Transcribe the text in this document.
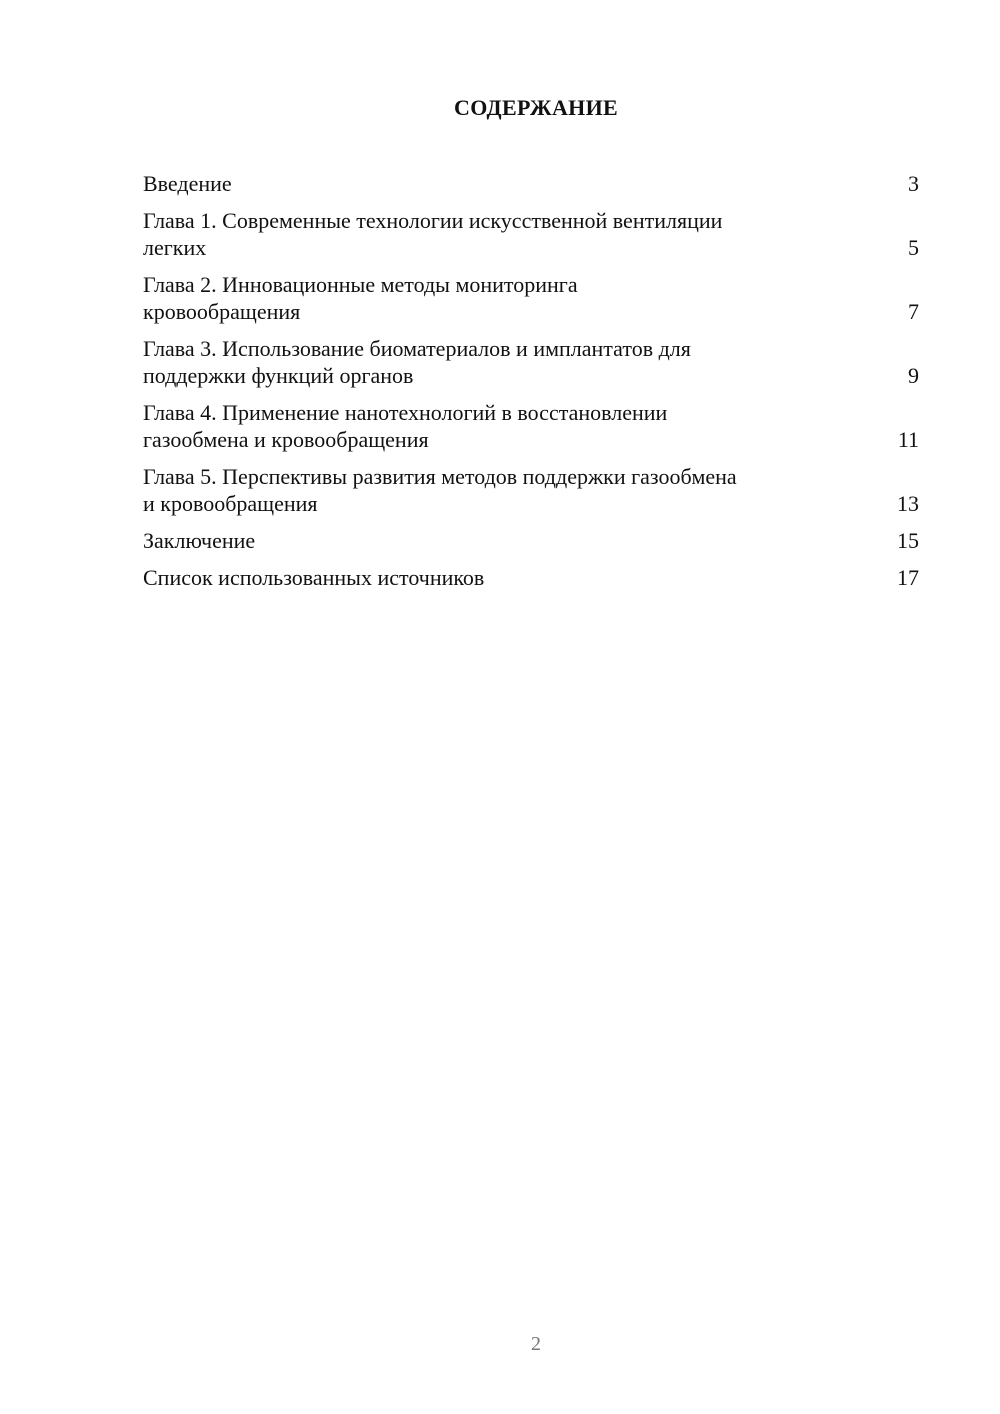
СОДЕРЖАНИЕ
Введение	3
Глава 1. Современные технологии искусственной вентиляции
легких	5
Глава 2. Инновационные методы мониторинга
кровообращения	7
Глава 3. Использование биоматериалов и имплантатов для
поддержки функций органов	9
Глава 4. Применение нанотехнологий в восстановлении
газообмена и кровообращения	11
Глава 5. Перспективы развития методов поддержки газообмена
и кровообращения	13
Заключение	15
Список использованных источников	17
2
